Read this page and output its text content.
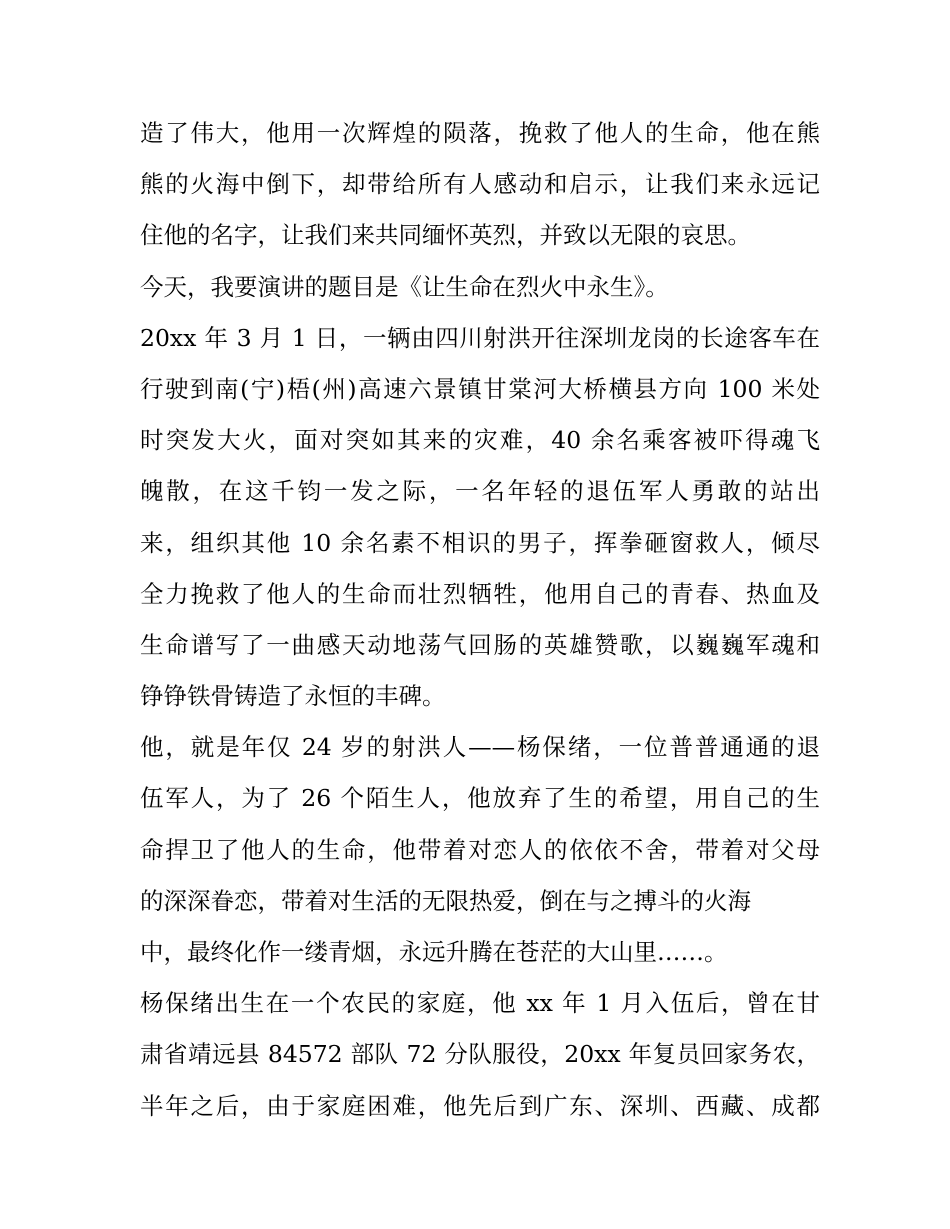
造了伟大，他用一次辉煌的陨落，挽救了他人的生命，他在熊
熊的火海中倒下，却带给所有人感动和启示，让我们来永远记
住他的名字，让我们来共同缅怀英烈，并致以无限的哀思。
今天，我要演讲的题目是《让生命在烈火中永生》。
20xx 年 3 月 1 日，一辆由四川射洪开往深圳龙岗的长途客车在
行驶到南(宁)梧(州)高速六景镇甘棠河大桥横县方向 100 米处
时突发大火，面对突如其来的灾难，40 余名乘客被吓得魂飞
魄散，在这千钧一发之际，一名年轻的退伍军人勇敢的站出
来，组织其他 10 余名素不相识的男子，挥拳砸窗救人，倾尽
全力挽救了他人的生命而壮烈牺牲，他用自己的青春、热血及
生命谱写了一曲感天动地荡气回肠的英雄赞歌，以巍巍军魂和
铮铮铁骨铸造了永恒的丰碑。
他，就是年仅 24 岁的射洪人——杨保绪，一位普普通通的退
伍军人，为了 26 个陌生人，他放弃了生的希望，用自己的生
命捍卫了他人的生命，他带着对恋人的依依不舍，带着对父母
的深深眷恋，带着对生活的无限热爱，倒在与之搏斗的火海
中，最终化作一缕青烟，永远升腾在苍茫的大山里……。
杨保绪出生在一个农民的家庭，他 xx 年 1 月入伍后，曾在甘
肃省靖远县 84572 部队 72 分队服役，20xx 年复员回家务农，
半年之后，由于家庭困难，他先后到广东、深圳、西藏、成都
